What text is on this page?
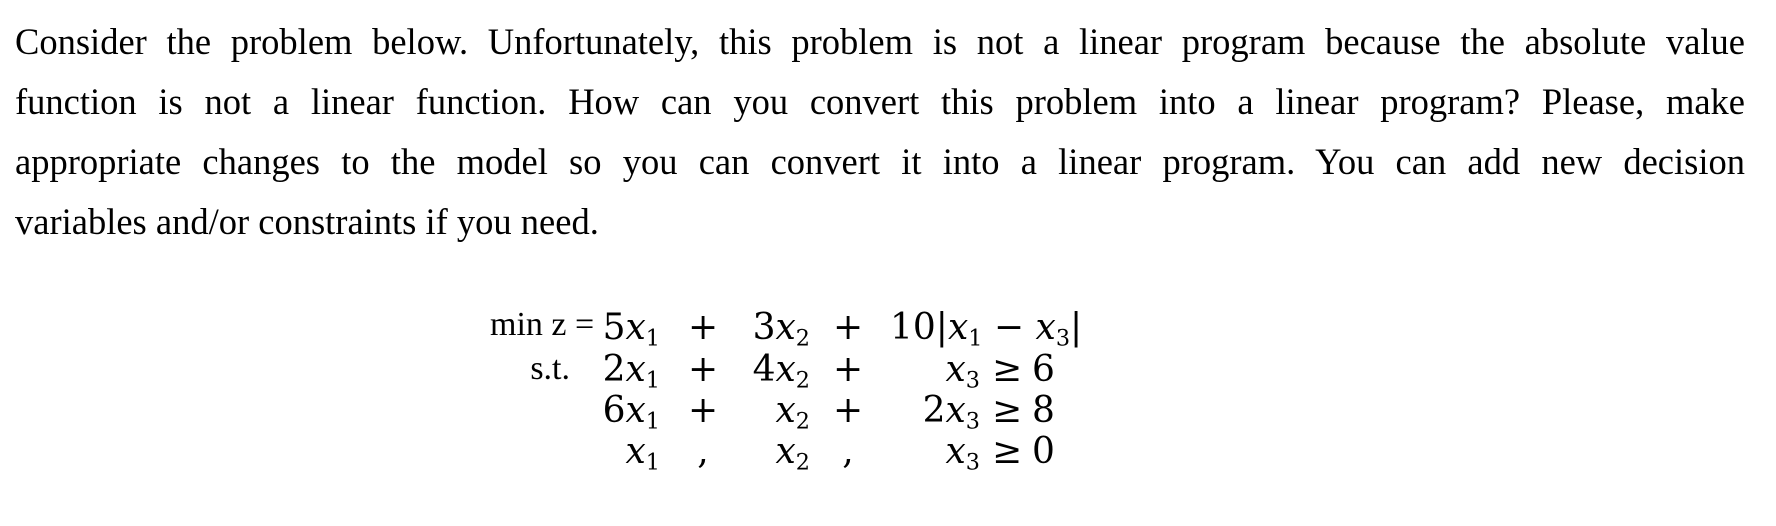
Consider the problem below. Unfortunately, this problem is not a linear program because the absolute value
function is not a linear function. How can you convert this problem into a linear program? Please, make
appropriate changes to the model so you can convert it into a linear program. You can add new decision
variables and/or constraints if you need.
$\min z = 5x_1 + 3x_2 + 10|x_1 - x_3|$
s.t. $2x_1 + 4x_2$ +	$x_3 \ge 6$
$6x_1$ +	$x_2$ +	$2x_3 \ge 8$
$x_1$ ,	$x_2$ ,	$x_3 \ge 0$
